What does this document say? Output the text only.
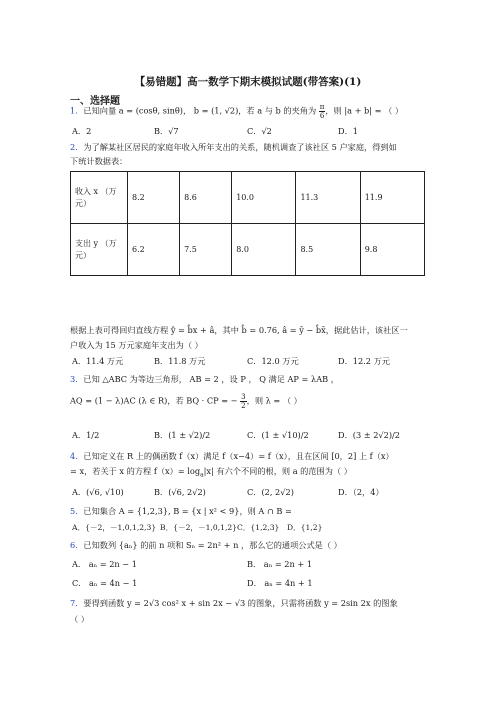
【易错题】高一数学下期末模拟试题(带答案)(1)
一、选择题
1．已知向量 a = (cosθ, sinθ)， b = (1, √2)，若 a 与 b 的夹角为 $\frac{\pi}{6}$ ，则 |a + b| = （ ）
A．2	B．√7	C．√2	D．1
2．为了解某社区居民的家庭年收入所年支出的关系，随机调查了该社区 5 户家庭，得到如
下统计数据表：
收入 x （万元）	8.2	8.6	10.0	11.3	11.9
支出 y （万元）	6.2	7.5	8.0	8.5	9.8
根据上表可得回归直线方程 ŷ = b̂x + â，其中 b̂ = 0.76, â = ȳ − b̂x̄，据此估计，该社区一
户收入为 15 万元家庭年支出为（ ）
A．11.4 万元	B．11.8 万元	C．12.0 万元	D．12.2 万元
3．已知 △ABC 为等边三角形， AB = 2 ，设 P ， Q 满足 AP = λAB ，
AQ = (1 − λ)AC (λ ∈ R)，若 BQ · CP = − $\frac{3}{2}$ ，则 λ = （ ）
A．1/2	B．(1 ± √2)/2	C．(1 ± √10)/2	D．(3 ± 2√2)/2
4．已知定义在 R 上的偶函数 f（x）满足 f（x−4）= f（x），且在区间 [0，2] 上 f（x）
= x，若关于 x 的方程 $f(x)= \log_a|x|$ 有六个不同的根，则 a 的范围为（ ）
A．(√6, √10)	B．(√6, 2√2)	C．(2, 2√2)	D．（2，4）
5．已知集合 A = {1,2,3}, B = {x | x² < 9}，则 A ∩ B =
A．{－2，－1,0,1,2,3} B．{－2，－1,0,1,2} C．{1,2,3} D．{1,2}
6．已知数列 {aₙ} 的前 n 项和 Sₙ = 2n² + n ，那么它的通项公式是（ ）
A． aₙ = 2n − 1	B． aₙ = 2n + 1
C． aₙ = 4n − 1	D． aₙ = 4n + 1
7．要得到函数 y = 2√3 cos² x + sin 2x − √3 的图象，只需将函数 y = 2sin 2x 的图象
（ ）
